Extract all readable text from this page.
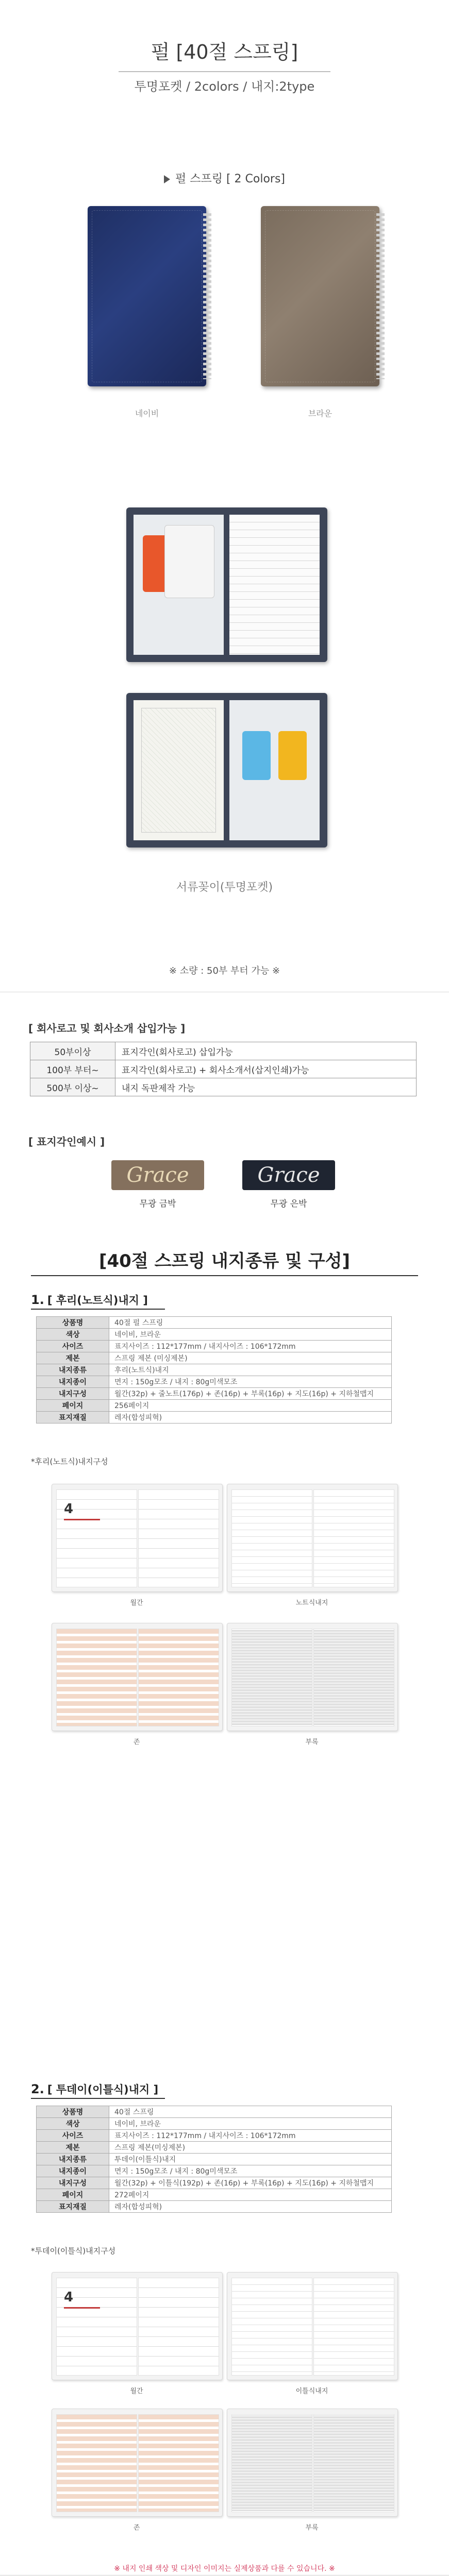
펄 [40절 스프링]
투명포켓 / 2colors / 내지:2type
펄 스프링 [ 2 Colors]
네이비	브라운
서류꽂이(투명포켓)
※ 소량 : 50부 부터 가능 ※
[ 회사로고 및 회사소개 삽입가능 ]
50부이상	표지각인(회사로고) 삽입가능
100부 부터~	표지각인(회사로고) + 회사소개서(삽지인쇄)가능
500부 이상~	내지 독판제작 가능
[ 표지각인예시 ]
Grace	Grace
무광 금박	무광 은박
[40절 스프링 내지종류 및 구성]
1. [ 후리(노트식)내지 ]
상품명	40절 펄 스프링
색상	네이비, 브라운
사이즈	표지사이즈 : 112*177mm / 내지사이즈 : 106*172mm
제본	스프링 제본 (미싱제본)
내지종류	후리(노트식)내지
내지종이	면지 : 150g모조 / 내지 : 80g미색모조
내지구성	월간(32p) + 줄노트(176p) + 존(16p) + 부록(16p) + 지도(16p) + 지하철맵지
페이지	256페이지
표지재질	레자(합성피혁)
*후리(노트식)내지구성
4
월간	노트식내지
존	부록
2. [ 투데이(이틀식)내지 ]
상품명	40절 스프링
색상	네이비, 브라운
사이즈	표지사이즈 : 112*177mm / 내지사이즈 : 106*172mm
제본	스프링 제본(미싱제본)
내지종류	투데이(이틀식)내지
내지종이	면지 : 150g모조 / 내지 : 80g미색모조
내지구성	월간(32p) + 이틀식(192p) + 존(16p) + 부록(16p) + 지도(16p) + 지하철맵지
페이지	272페이지
표지재질	레자(합성피혁)
*투데이(이틀식)내지구성
4
월간	이틀식내지
존	부록
※ 내지 인쇄 색상 및 디자인 이미지는 실제상품과 다를 수 있습니다. ※
